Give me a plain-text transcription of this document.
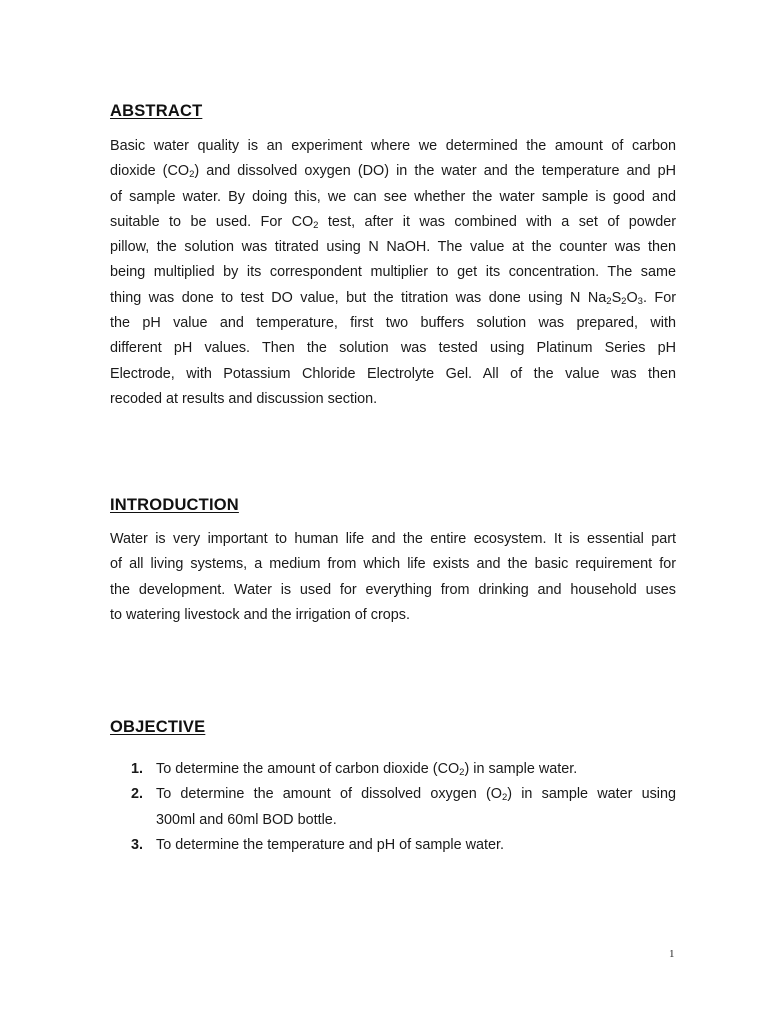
ABSTRACT
Basic water quality is an experiment where we determined the amount of carbon
dioxide $(CO_2)$ and dissolved oxygen (DO) in the water and the temperature and pH
of sample water. By doing this, we can see whether the water sample is good and
suitable to be used. For $CO_2$ test, after it was combined with a set of powder
pillow, the solution was titrated using N NaOH. The value at the counter was then
being multiplied by its correspondent multiplier to get its concentration. The same
thing was done to test DO value, but the titration was done using N $Na_2S_2O_3$. For
the pH value and temperature, first two buffers solution was prepared, with
different pH values. Then the solution was tested using Platinum Series pH
Electrode, with Potassium Chloride Electrolyte Gel. All of the value was then
recoded at results and discussion section.
INTRODUCTION
Water is very important to human life and the entire ecosystem. It is essential part
of all living systems, a medium from which life exists and the basic requirement for
the development. Water is used for everything from drinking and household uses
to watering livestock and the irrigation of crops.
OBJECTIVE
1. To determine the amount of carbon dioxide $(CO_2)$ in sample water.
2. To determine the amount of dissolved oxygen $(O_2)$ in sample water using
300ml and 60ml BOD bottle.
3. To determine the temperature and pH of sample water.
1
